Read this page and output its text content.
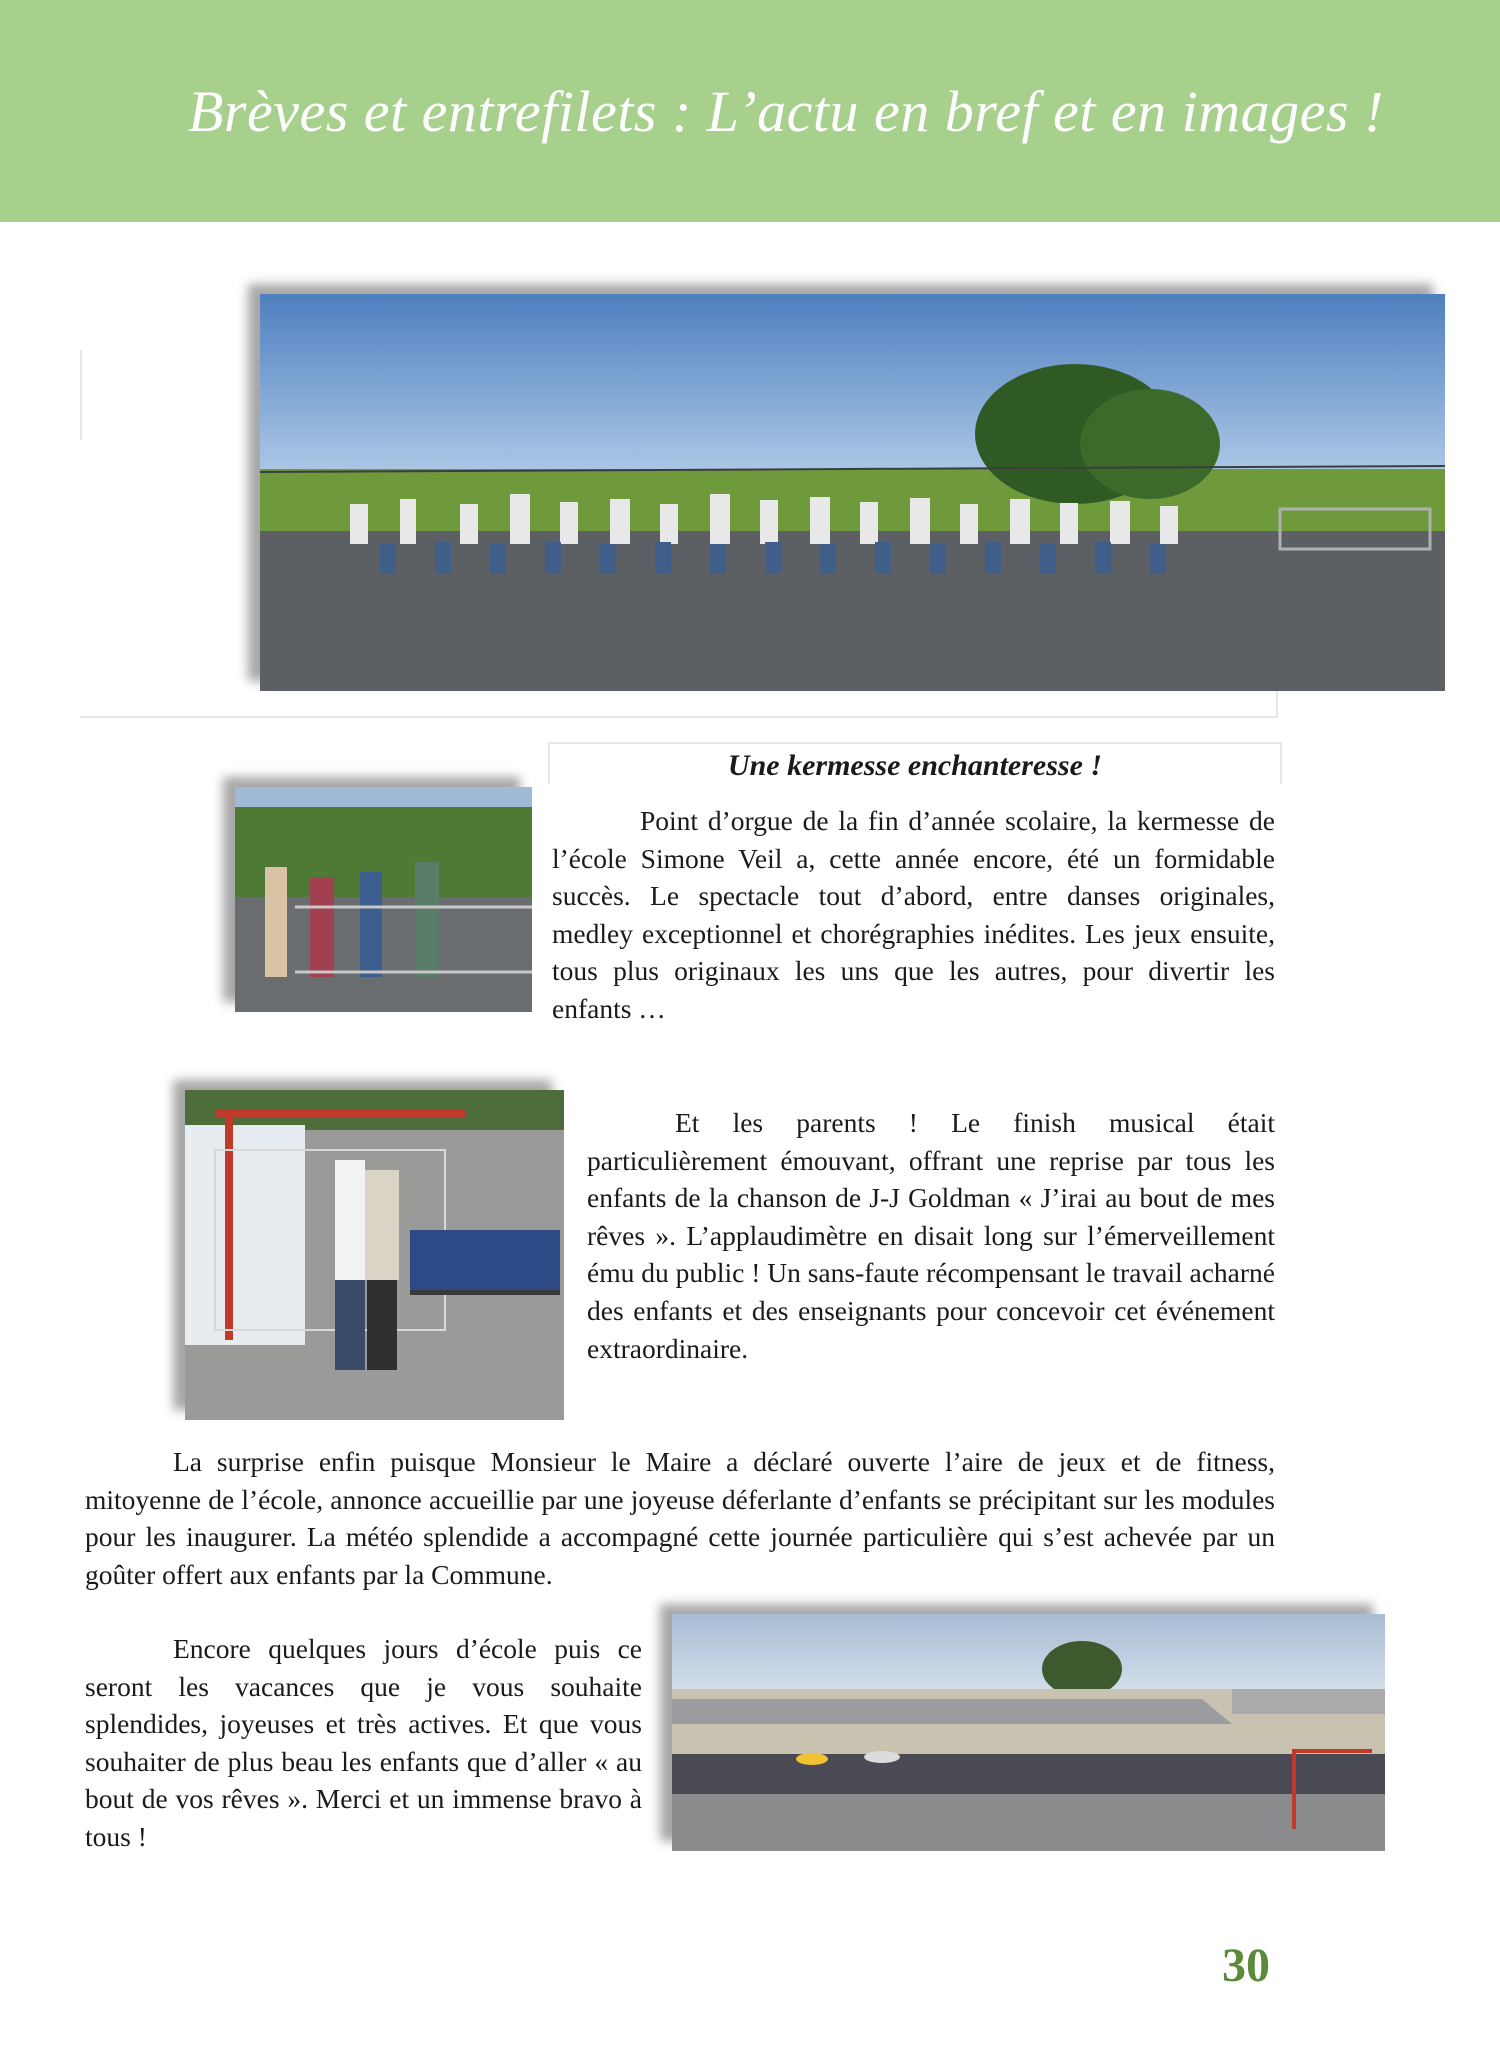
Brèves et entrefilets : L’actu en bref et en images !
Une kermesse enchanteresse !

Point d’orgue de la fin d’année scolaire, la kermesse de l’école Simone Veil a, cette année encore, été un formidable succès. Le spectacle tout d’abord, entre danses originales, medley exceptionnel et chorégraphies inédites. Les jeux ensuite, tous plus originaux les uns que les autres, pour divertir les enfants …

Et les parents ! Le finish musical était particulièrement émouvant, offrant une reprise par tous les enfants de la chanson de J-J Goldman « J’irai au bout de mes rêves ». L’applaudimètre en disait long sur l’émerveillement ému du public ! Un sans-faute récompensant le travail acharné des enfants et des enseignants pour concevoir cet événement extraordinaire.

La surprise enfin puisque Monsieur le Maire a déclaré ouverte l’aire de jeux et de fitness, mitoyenne de l’école, annonce accueillie par une joyeuse déferlante d’enfants se précipitant sur les modules pour les inaugurer. La météo splendide a accompagné cette journée particulière qui s’est achevée par un goûter offert aux enfants par la Commune.

Encore quelques jours d’école puis ce seront les vacances que je vous souhaite splendides, joyeuses et très actives. Et que vous souhaiter de plus beau les enfants que d’aller « au bout de vos rêves ». Merci et un immense bravo à tous !

30
